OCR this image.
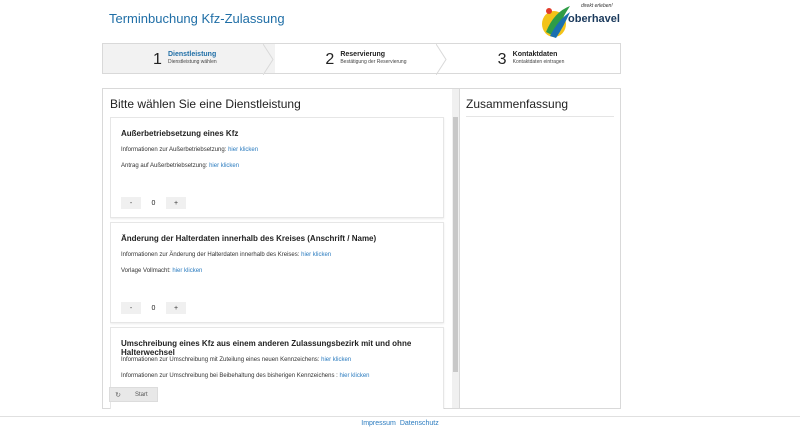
Terminbuchung Kfz-Zulassung
direkt erleben!
oberhavel
1 Dienstleistung
Dienstleistung wählen	2 Reservierung
Bestätigung der Reservierung	3 Kontaktdaten
Kontaktdaten eintragen
Bitte wählen Sie eine Dienstleistung
Außerbetriebsetzung eines Kfz
Informationen zur Außerbetriebsetzung: hier klicken
Antrag auf Außerbetriebsetzung: hier klicken
-	0	+
Änderung der Halterdaten innerhalb des Kreises (Anschrift / Name)
Informationen zur Änderung der Halterdaten innerhalb des Kreises: hier klicken
Vorlage Vollmacht: hier klicken
-	0	+
Umschreibung eines Kfz aus einem anderen Zulassungsbezirk mit und ohne Halterwechsel
Informationen zur Umschreibung mit Zuteilung eines neuen Kennzeichens: hier klicken
Informationen zur Umschreibung bei Beibehaltung des bisherigen Kennzeichens : hier klicken
↻	Start
Zusammenfassung
Impressum Datenschutz
